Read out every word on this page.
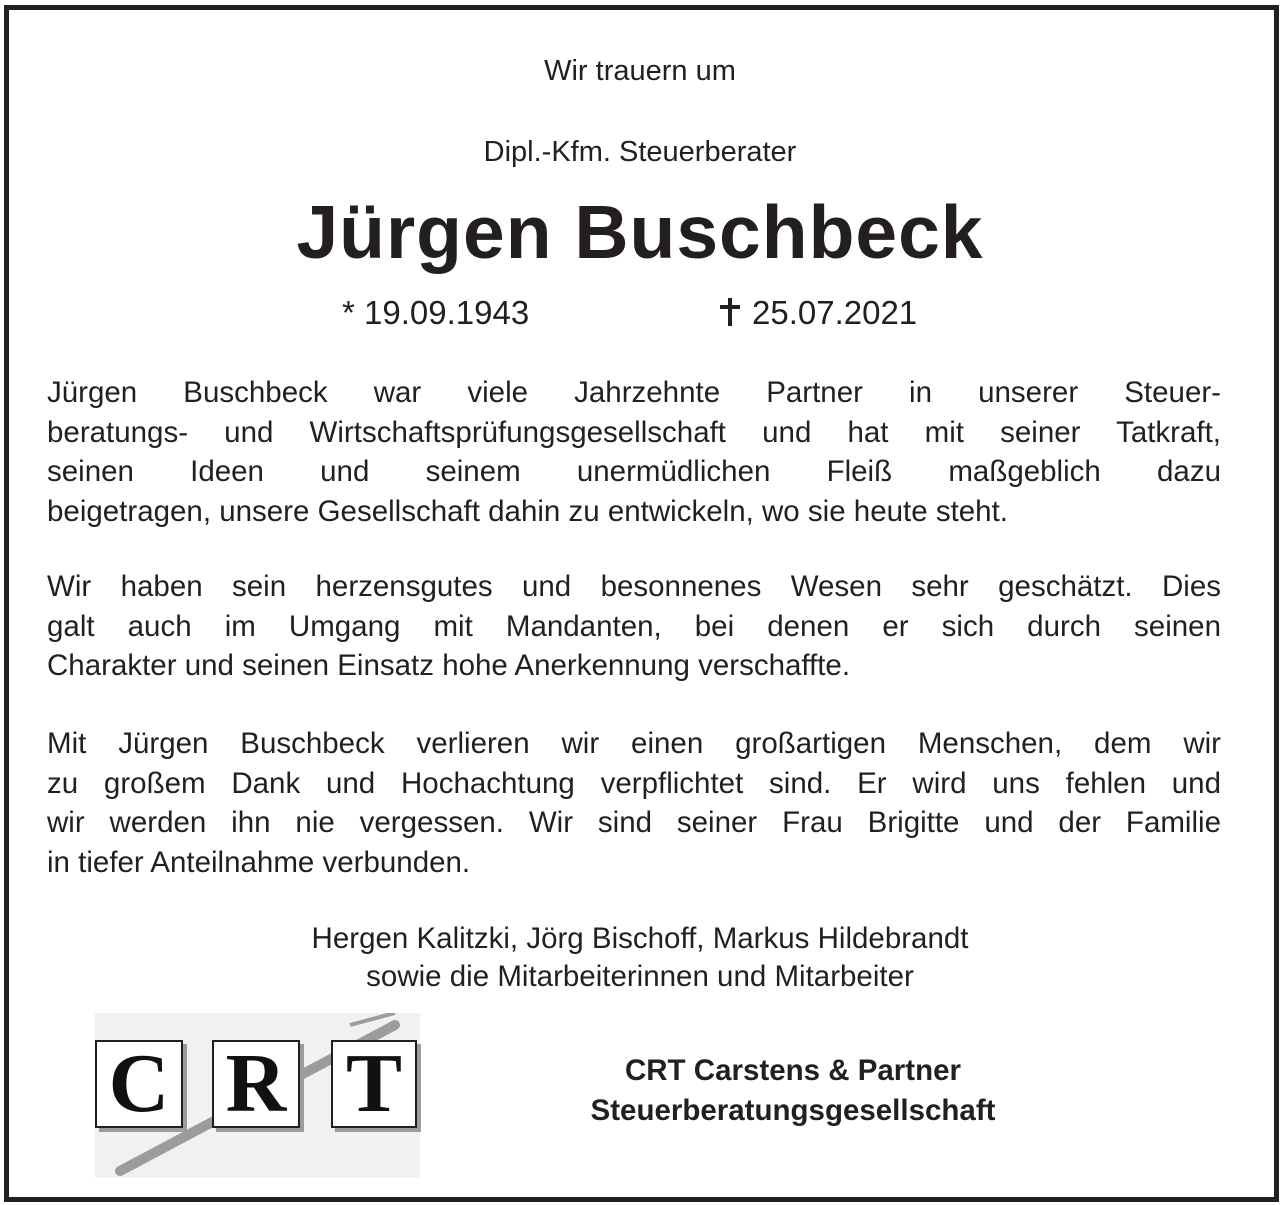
Wir trauern um
Dipl.-Kfm. Steuerberater
Jürgen Buschbeck
* 19.09.1943	25.07.2021
Jürgen Buschbeck war viele Jahrzehnte Partner in unserer Steuer-
beratungs- und Wirtschaftsprüfungsgesellschaft und hat mit seiner Tatkraft,
seinen Ideen und seinem unermüdlichen Fleiß maßgeblich dazu
beigetragen, unsere Gesellschaft dahin zu entwickeln, wo sie heute steht.
Wir haben sein herzensgutes und besonnenes Wesen sehr geschätzt. Dies
galt auch im Umgang mit Mandanten, bei denen er sich durch seinen
Charakter und seinen Einsatz hohe Anerkennung verschaffte.
Mit Jürgen Buschbeck verlieren wir einen großartigen Menschen, dem wir
zu großem Dank und Hochachtung verpflichtet sind. Er wird uns fehlen und
wir werden ihn nie vergessen. Wir sind seiner Frau Brigitte und der Familie
in tiefer Anteilnahme verbunden.
Hergen Kalitzki, Jörg Bischoff, Markus Hildebrandt
sowie die Mitarbeiterinnen und Mitarbeiter
C R T	CRT Carstens & Partner
Steuerberatungsgesellschaft
